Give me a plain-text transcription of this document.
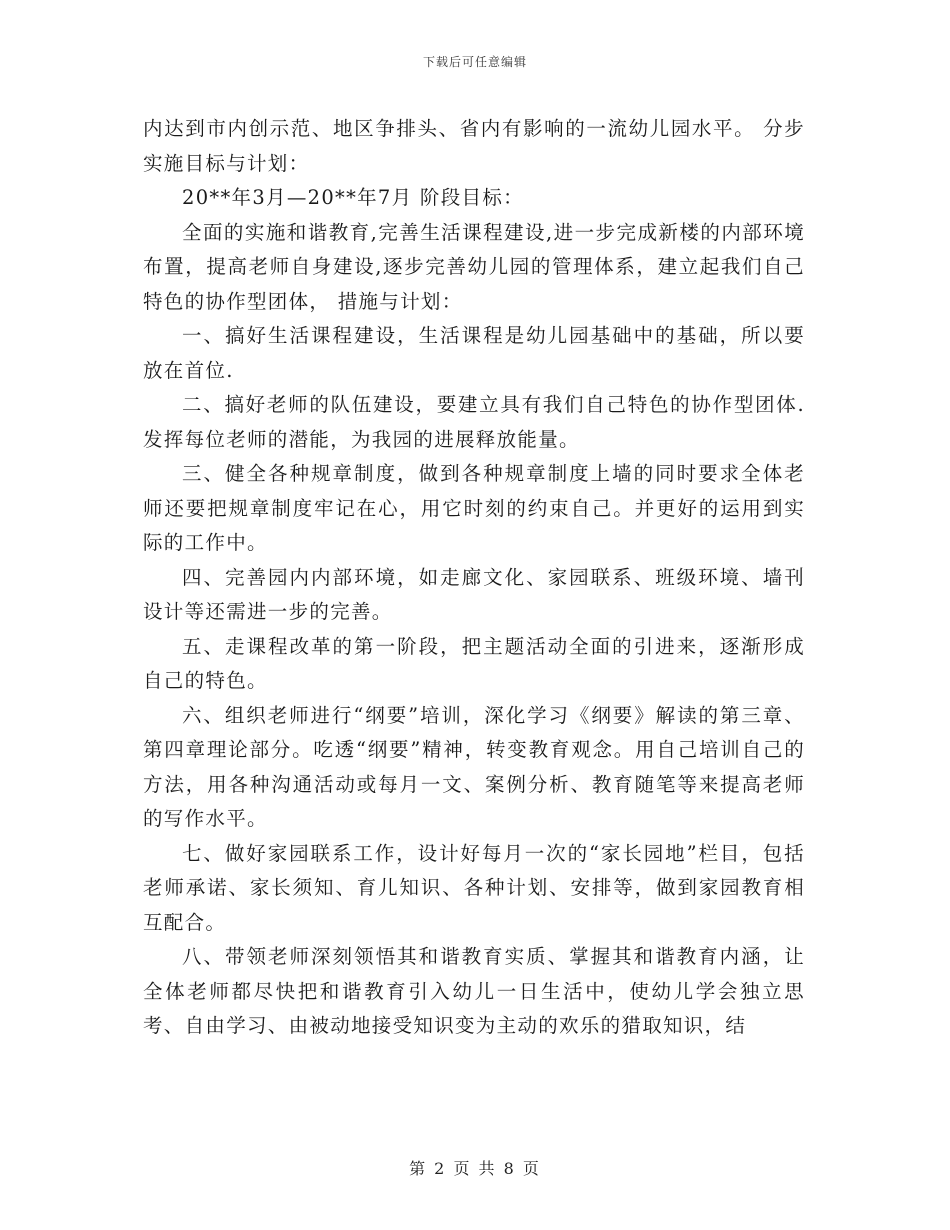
下载后可任意编辑

内达到市内创示范、地区争排头、省内有影响的一流幼儿园水平。 分步实施目标与计划：

20**年3月—20**年7月 阶段目标：

全面的实施和谐教育,完善生活课程建设,进一步完成新楼的内部环境布置，提高老师自身建设,逐步完善幼儿园的管理体系，建立起我们自己特色的协作型团体， 措施与计划：

一、搞好生活课程建设，生活课程是幼儿园基础中的基础，所以要放在首位.

二、搞好老师的队伍建设，要建立具有我们自己特色的协作型团体.发挥每位老师的潜能，为我园的进展释放能量。

三、健全各种规章制度，做到各种规章制度上墙的同时要求全体老师还要把规章制度牢记在心，用它时刻的约束自己。并更好的运用到实际的工作中。

四、完善园内内部环境，如走廊文化、家园联系、班级环境、墙刊设计等还需进一步的完善。

五、走课程改革的第一阶段，把主题活动全面的引进来，逐渐形成自己的特色。

六、组织老师进行“纲要”培训，深化学习《纲要》解读的第三章、第四章理论部分。吃透“纲要”精神，转变教育观念。用自己培训自己的方法，用各种沟通活动或每月一文、案例分析、教育随笔等来提高老师的写作水平。

七、做好家园联系工作，设计好每月一次的“家长园地”栏目，包括老师承诺、家长须知、育儿知识、各种计划、安排等，做到家园教育相互配合。

八、带领老师深刻领悟其和谐教育实质、掌握其和谐教育内涵，让全体老师都尽快把和谐教育引入幼儿一日生活中，使幼儿学会独立思考、自由学习、由被动地接受知识变为主动的欢乐的猎取知识，结

第 2 页 共 8 页
